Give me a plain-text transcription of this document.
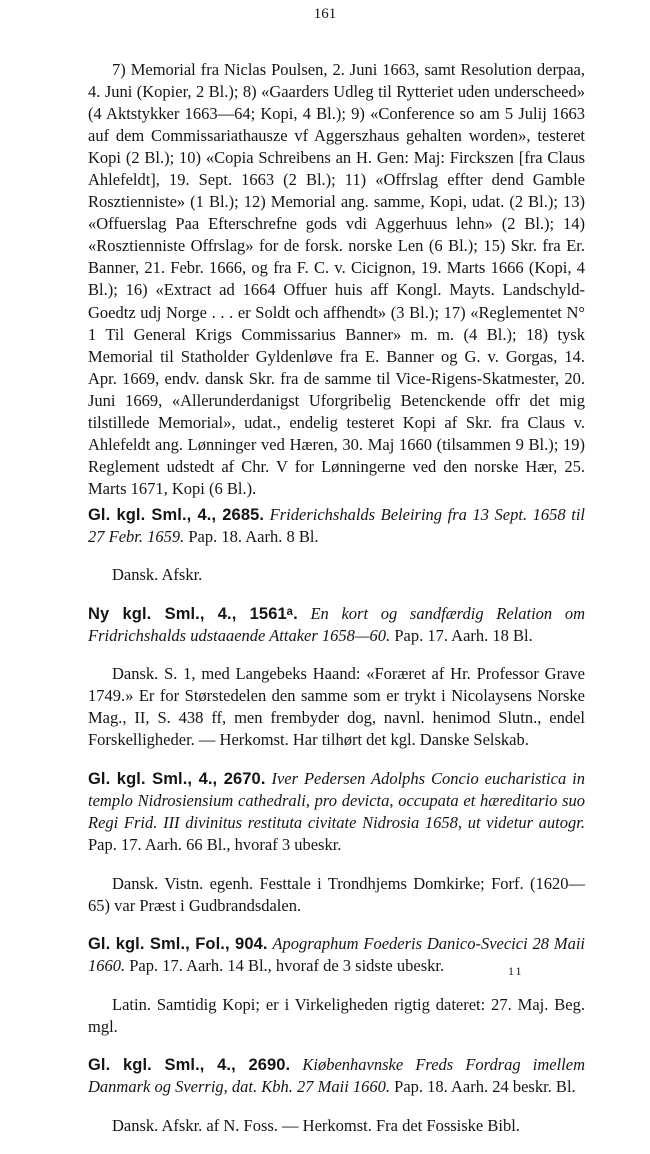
161

7) Memorial fra Niclas Poulsen, 2. Juni 1663, samt Resolution derpaa, 4. Juni (Kopier, 2 Bl.); 8) «Gaarders Udleg til Rytteriet uden underscheed» (4 Aktstykker 1663—64; Kopi, 4 Bl.); 9) «Conference so am 5 Julij 1663 auf dem Commissariathausze vf Aggerszhaus gehalten worden», testeret Kopi (2 Bl.); 10) «Copia Schreibens an H. Gen: Maj: Firckszen [fra Claus Ahlefeldt], 19. Sept. 1663 (2 Bl.); 11) «Offrslag effter dend Gamble Rosztienniste» (1 Bl.); 12) Memorial ang. samme, Kopi, udat. (2 Bl.); 13) «Offuerslag Paa Efterschrefne gods vdi Aggerhuus lehn» (2 Bl.); 14) «Rosztienniste Offrslag» for de forsk. norske Len (6 Bl.); 15) Skr. fra Er. Banner, 21. Febr. 1666, og fra F. C. v. Cicignon, 19. Marts 1666 (Kopi, 4 Bl.); 16) «Extract ad 1664 Offuer huis aff Kongl. Mayts. Landschyld-Goedtz udj Norge . . . er Soldt och affhendt» (3 Bl.); 17) «Reglementet N° 1 Til General Krigs Commissarius Banner» m. m. (4 Bl.); 18) tysk Memorial til Statholder Gyldenløve fra E. Banner og G. v. Gorgas, 14. Apr. 1669, endv. dansk Skr. fra de samme til Vice-Rigens-Skatmester, 20. Juni 1669, «Allerunderdanigst Uforgribelig Betenckende offr det mig tilstillede Memorial», udat., endelig testeret Kopi af Skr. fra Claus v. Ahlefeldt ang. Lønninger ved Hæren, 30. Maj 1660 (tilsammen 9 Bl.); 19) Reglement udstedt af Chr. V for Lønningerne ved den norske Hær, 25. Marts 1671, Kopi (6 Bl.).

Gl. kgl. Sml., 4., 2685. Friderichshalds Beleiring fra 13 Sept. 1658 til 27 Febr. 1659. Pap. 18. Aarh. 8 Bl.

Dansk. Afskr.

Ny kgl. Sml., 4., 1561ᵃ. En kort og sandfærdig Relation om Fridrichshalds udstaaende Attaker 1658—60. Pap. 17. Aarh. 18 Bl.

Dansk. S. 1, med Langebeks Haand: «Foræret af Hr. Professor Grave 1749.» Er for Størstedelen den samme som er trykt i Nicolaysens Norske Mag., II, S. 438 ff, men frembyder dog, navnl. henimod Slutn., endel Forskelligheder. — Herkomst. Har tilhørt det kgl. Danske Selskab.

Gl. kgl. Sml., 4., 2670. Iver Pedersen Adolphs Concio eucharistica in templo Nidrosiensium cathedrali, pro devicta, occupata et hæreditario suo Regi Frid. III divinitus restituta civitate Nidrosia 1658, ut videtur autogr. Pap. 17. Aarh. 66 Bl., hvoraf 3 ubeskr.

Dansk. Vistn. egenh. Festtale i Trondhjems Domkirke; Forf. (1620—65) var Præst i Gudbrandsdalen.

Gl. kgl. Sml., Fol., 904. Apographum Foederis Danico-Svecici 28 Maii 1660. Pap. 17. Aarh. 14 Bl., hvoraf de 3 sidste ubeskr.

Latin. Samtidig Kopi; er i Virkeligheden rigtig dateret: 27. Maj. Beg. mgl.

Gl. kgl. Sml., 4., 2690. Kiøbenhavnske Freds Fordrag imellem Danmark og Sverrig, dat. Kbh. 27 Maii 1660. Pap. 18. Aarh. 24 beskr. Bl.

Dansk. Afskr. af N. Foss. — Herkomst. Fra det Fossiske Bibl.

11
